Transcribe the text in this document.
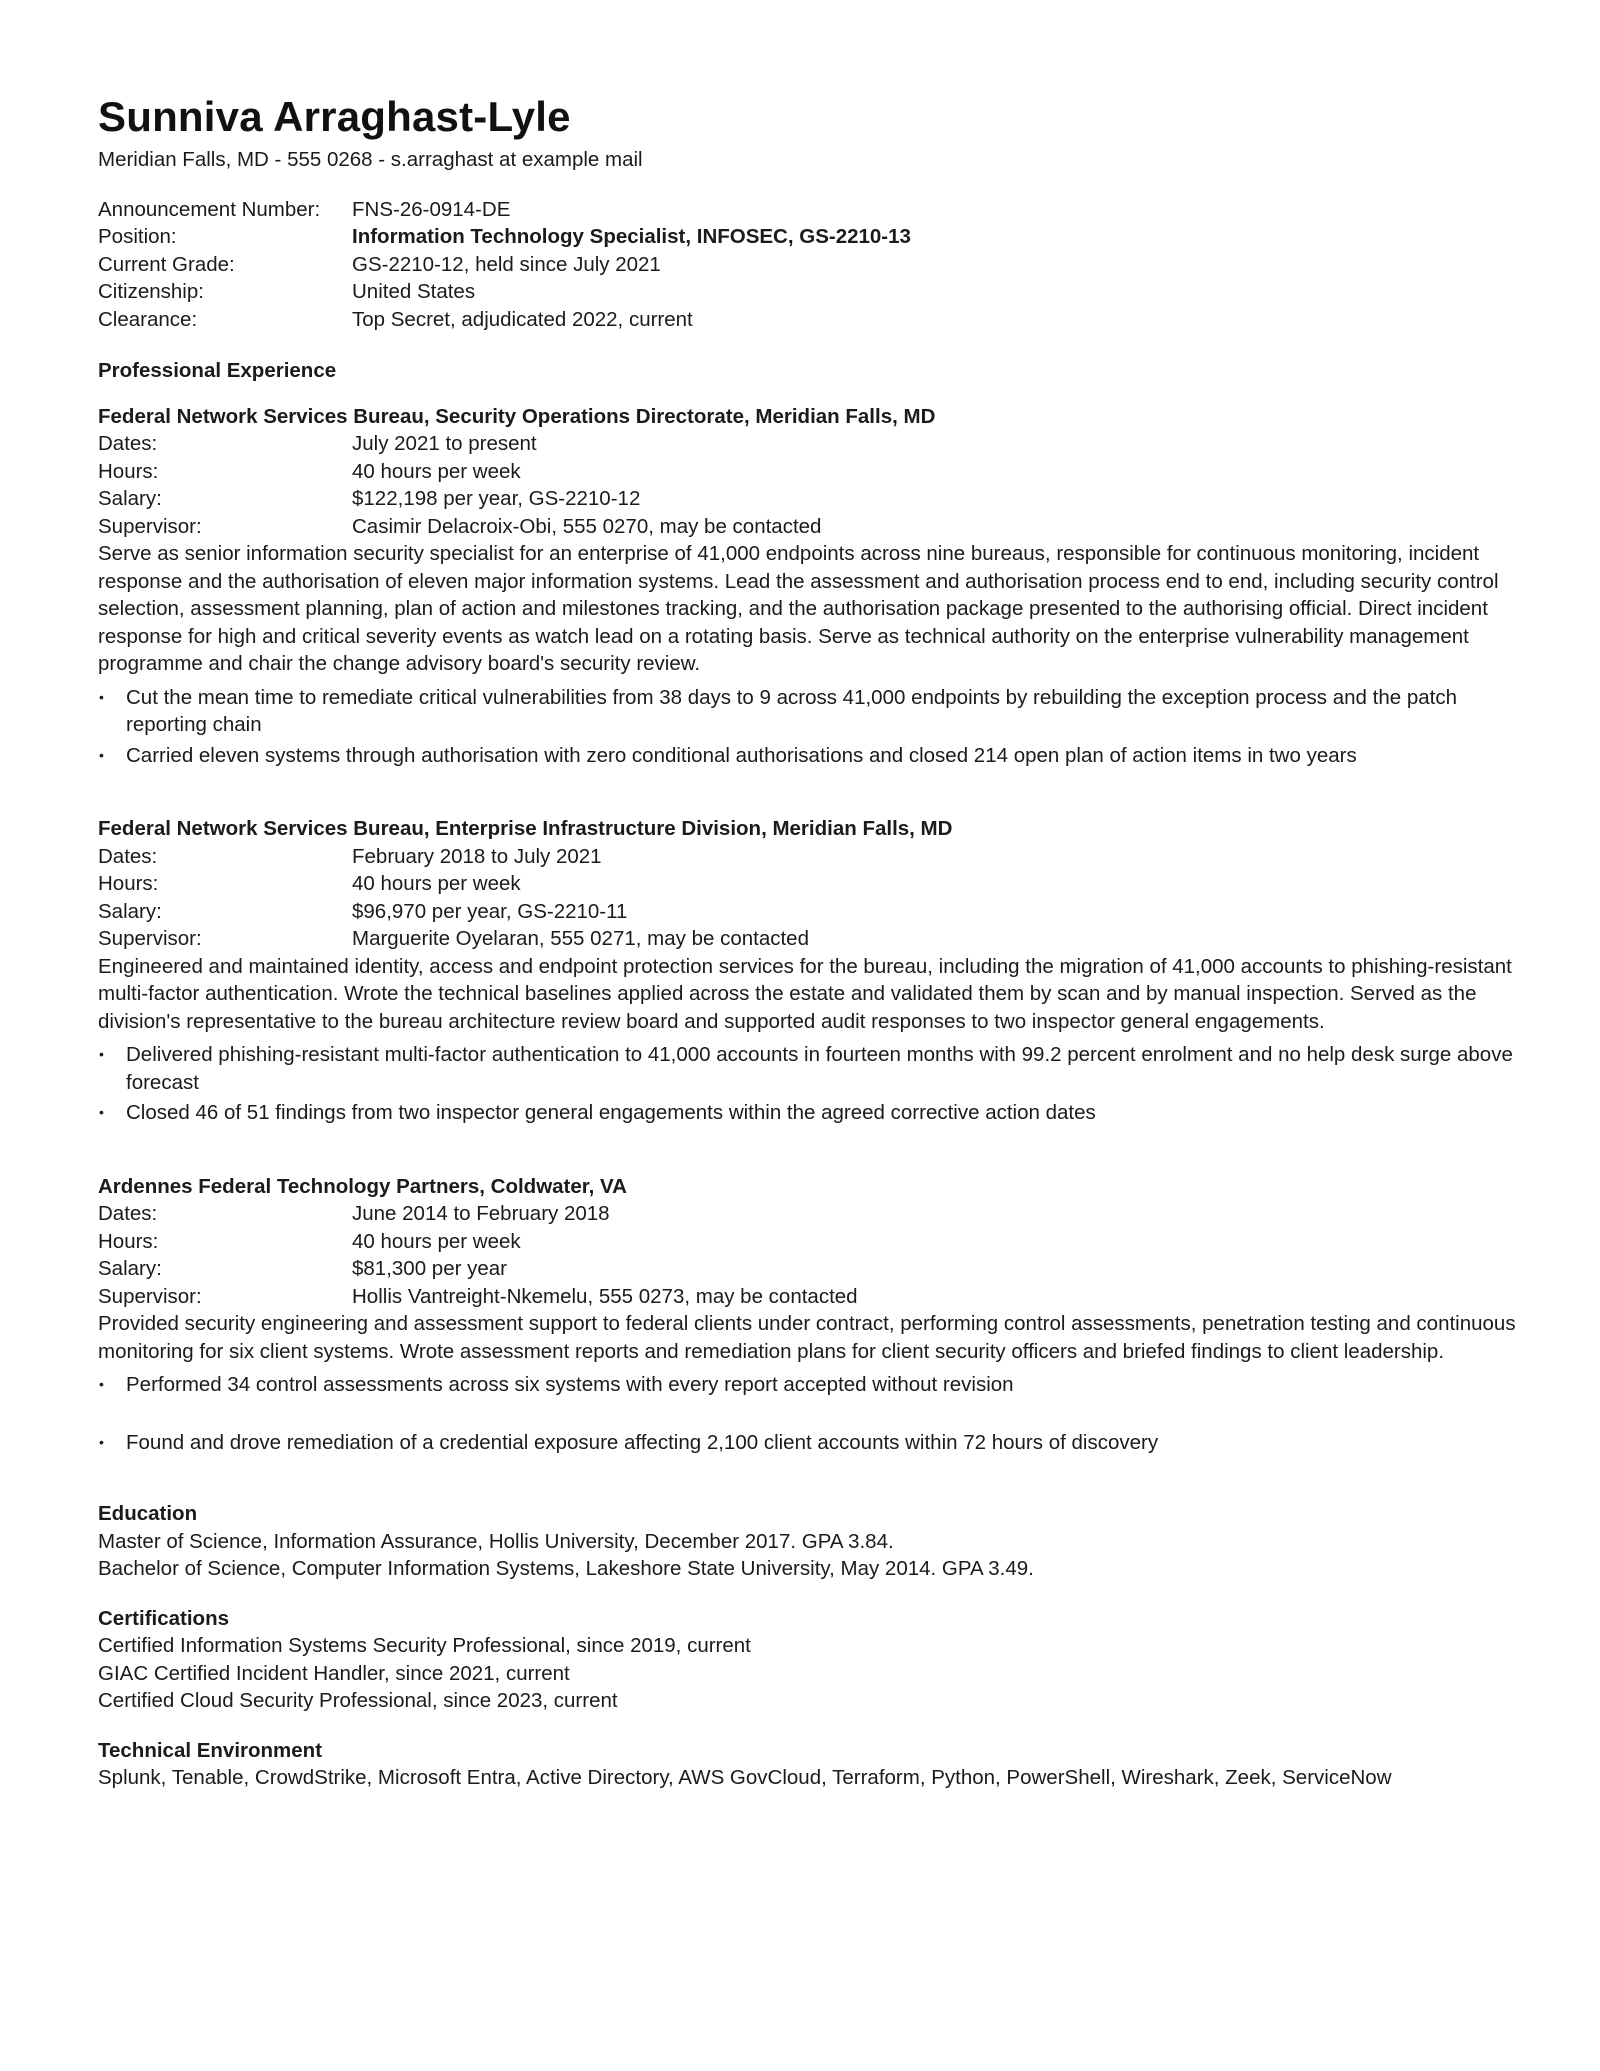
Sunniva Arraghast-Lyle
Meridian Falls, MD - 555 0268 - s.arraghast at example mail
Announcement Number:	FNS-26-0914-DE
Position:	Information Technology Specialist, INFOSEC, GS-2210-13
Current Grade:	GS-2210-12, held since July 2021
Citizenship:	United States
Clearance:	Top Secret, adjudicated 2022, current
Professional Experience
Federal Network Services Bureau, Security Operations Directorate, Meridian Falls, MD
Dates:	July 2021 to present
Hours:	40 hours per week
Salary:	$122,198 per year, GS-2210-12
Supervisor:	Casimir Delacroix-Obi, 555 0270, may be contacted

Serve as senior information security specialist for an enterprise of 41,000 endpoints across nine bureaus, responsible for continuous monitoring, incident response and the authorisation of eleven major information systems. Lead the assessment and authorisation process end to end, including security control selection, assessment planning, plan of action and milestones tracking, and the authorisation package presented to the authorising official. Direct incident response for high and critical severity events as watch lead on a rotating basis. Serve as technical authority on the enterprise vulnerability management programme and chair the change advisory board's security review.

• Cut the mean time to remediate critical vulnerabilities from 38 days to 9 across 41,000 endpoints by rebuilding the exception process and the patch reporting chain
• Carried eleven systems through authorisation with zero conditional authorisations and closed 214 open plan of action items in two years
Federal Network Services Bureau, Enterprise Infrastructure Division, Meridian Falls, MD
Dates:	February 2018 to July 2021
Hours:	40 hours per week
Salary:	$96,970 per year, GS-2210-11
Supervisor:	Marguerite Oyelaran, 555 0271, may be contacted

Engineered and maintained identity, access and endpoint protection services for the bureau, including the migration of 41,000 accounts to phishing-resistant multi-factor authentication. Wrote the technical baselines applied across the estate and validated them by scan and by manual inspection. Served as the division's representative to the bureau architecture review board and supported audit responses to two inspector general engagements.

• Delivered phishing-resistant multi-factor authentication to 41,000 accounts in fourteen months with 99.2 percent enrolment and no help desk surge above forecast
• Closed 46 of 51 findings from two inspector general engagements within the agreed corrective action dates
Ardennes Federal Technology Partners, Coldwater, VA
Dates:	June 2014 to February 2018
Hours:	40 hours per week
Salary:	$81,300 per year
Supervisor:	Hollis Vantreight-Nkemelu, 555 0273, may be contacted

Provided security engineering and assessment support to federal clients under contract, performing control assessments, penetration testing and continuous monitoring for six client systems. Wrote assessment reports and remediation plans for client security officers and briefed findings to client leadership.

• Performed 34 control assessments across six systems with every report accepted without revision
• Found and drove remediation of a credential exposure affecting 2,100 client accounts within 72 hours of discovery
Education
Master of Science, Information Assurance, Hollis University, December 2017. GPA 3.84.
Bachelor of Science, Computer Information Systems, Lakeshore State University, May 2014. GPA 3.49.
Certifications
Certified Information Systems Security Professional, since 2019, current
GIAC Certified Incident Handler, since 2021, current
Certified Cloud Security Professional, since 2023, current
Technical Environment
Splunk, Tenable, CrowdStrike, Microsoft Entra, Active Directory, AWS GovCloud, Terraform, Python, PowerShell, Wireshark, Zeek, ServiceNow
